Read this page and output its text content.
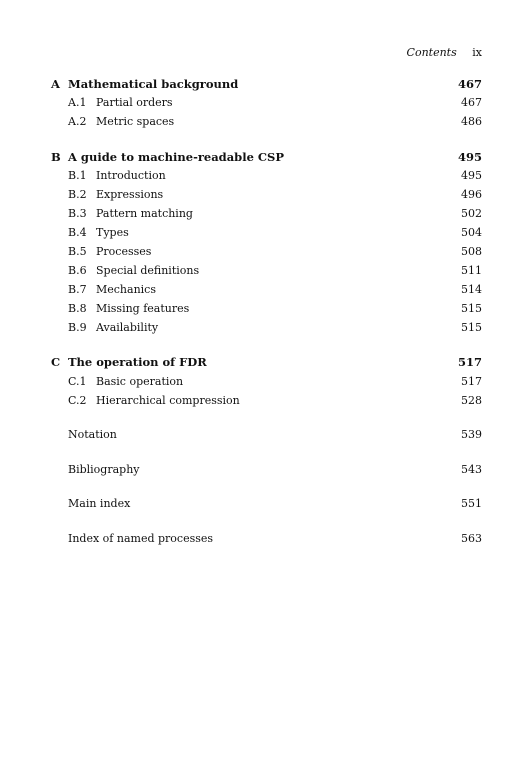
Contents ix
A Mathematical background	467
A.1 Partial orders	467
A.2 Metric spaces	486
B A guide to machine-readable CSP	495
B.1 Introduction	495
B.2 Expressions	496
B.3 Pattern matching	502
B.4 Types	504
B.5 Processes	508
B.6 Special definitions	511
B.7 Mechanics	514
B.8 Missing features	515
B.9 Availability	515
C The operation of FDR	517
C.1 Basic operation	517
C.2 Hierarchical compression	528
Notation	539
Bibliography	543
Main index	551
Index of named processes	563
